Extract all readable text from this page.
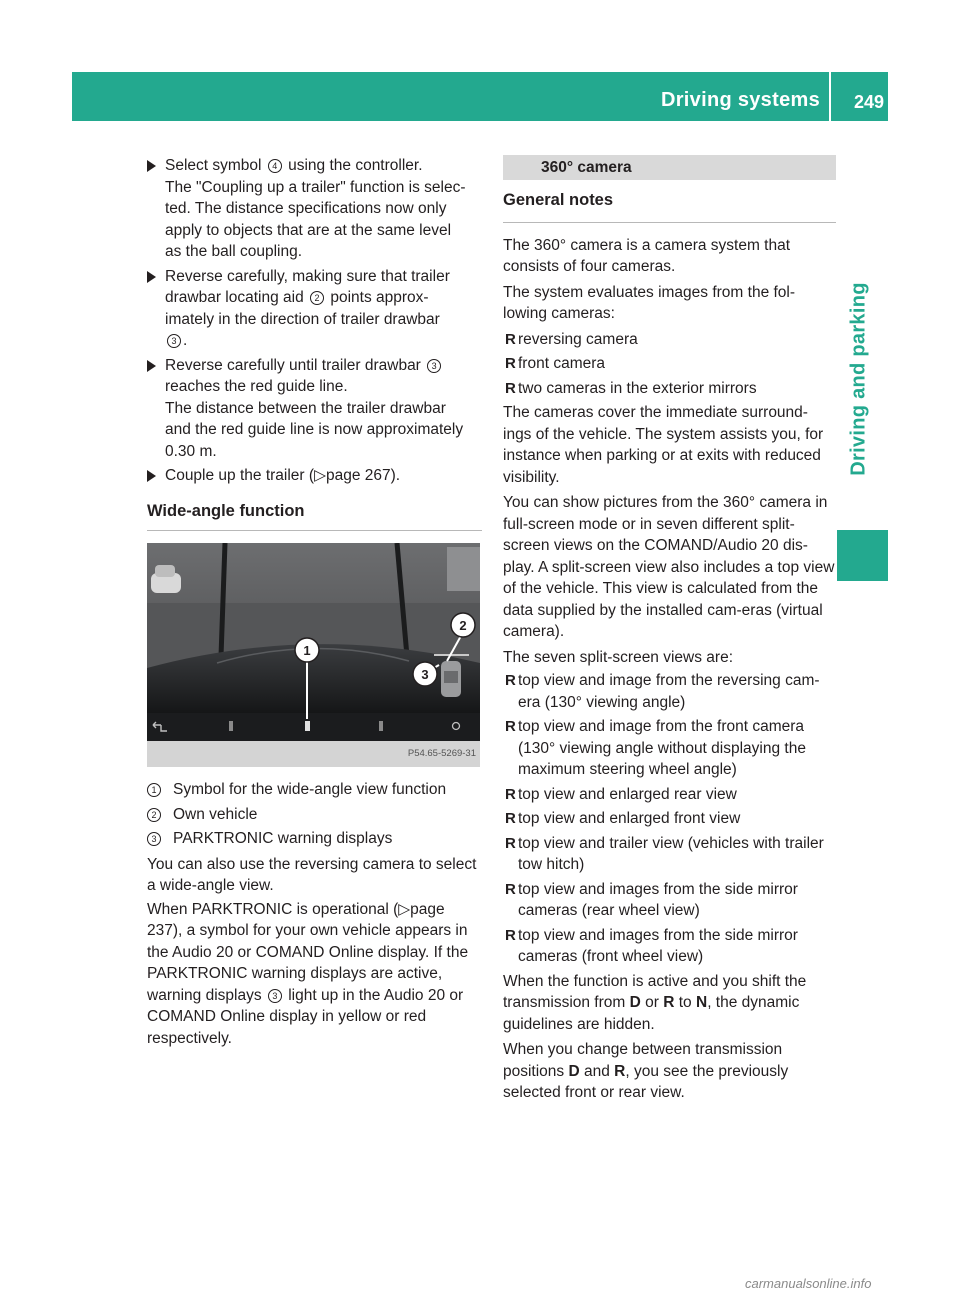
Driving systems 249
Driving and parking

Select symbol 4 using the controller.
The "Coupling up a trailer" function is selec-
ted. The distance specifications now only
apply to objects that are at the same level
as the ball coupling.

Reverse carefully, making sure that trailer
drawbar locating aid 2 points approx-
imately in the direction of trailer drawbar
3 .

Reverse carefully until trailer drawbar 3
reaches the red guide line.
The distance between the trailer drawbar
and the red guide line is now approximately
0.30 m.

Couple up the trailer (▷page 267).

Wide-angle function
1
2
3
P54.65-5269-31
1 Symbol for the wide-angle view function
2 Own vehicle
3 PARKTRONIC warning displays

You can also use the reversing camera to select a wide-angle view.

When PARKTRONIC is operational (▷page 237), a symbol for your own vehicle appears in the Audio 20 or COMAND Online display. If the PARKTRONIC warning displays are active, warning displays 3 light up in the Audio 20 or COMAND Online display in yellow or red respectively.

360° camera
General notes

The 360° camera is a camera system that consists of four cameras.

The system evaluates images from the fol-lowing cameras:

R reversing camera
R front camera
R two cameras in the exterior mirrors

The cameras cover the immediate surround-ings of the vehicle. The system assists you, for instance when parking or at exits with reduced visibility.

You can show pictures from the 360° camera in full-screen mode or in seven different split-screen views on the COMAND/Audio 20 dis-play. A split-screen view also includes a top view of the vehicle. This view is calculated from the data supplied by the installed cam-eras (virtual camera).

The seven split-screen views are:

R top view and image from the reversing cam-era (130° viewing angle)
R top view and image from the front camera (130° viewing angle without displaying the maximum steering wheel angle)
R top view and enlarged rear view
R top view and enlarged front view
R top view and trailer view (vehicles with trailer tow hitch)
R top view and images from the side mirror cameras (rear wheel view)
R top view and images from the side mirror cameras (front wheel view)

When the function is active and you shift the transmission from D or R to N, the dynamic guidelines are hidden.

When you change between transmission positions D and R, you see the previously selected front or rear view.

carmanualsonline.info
